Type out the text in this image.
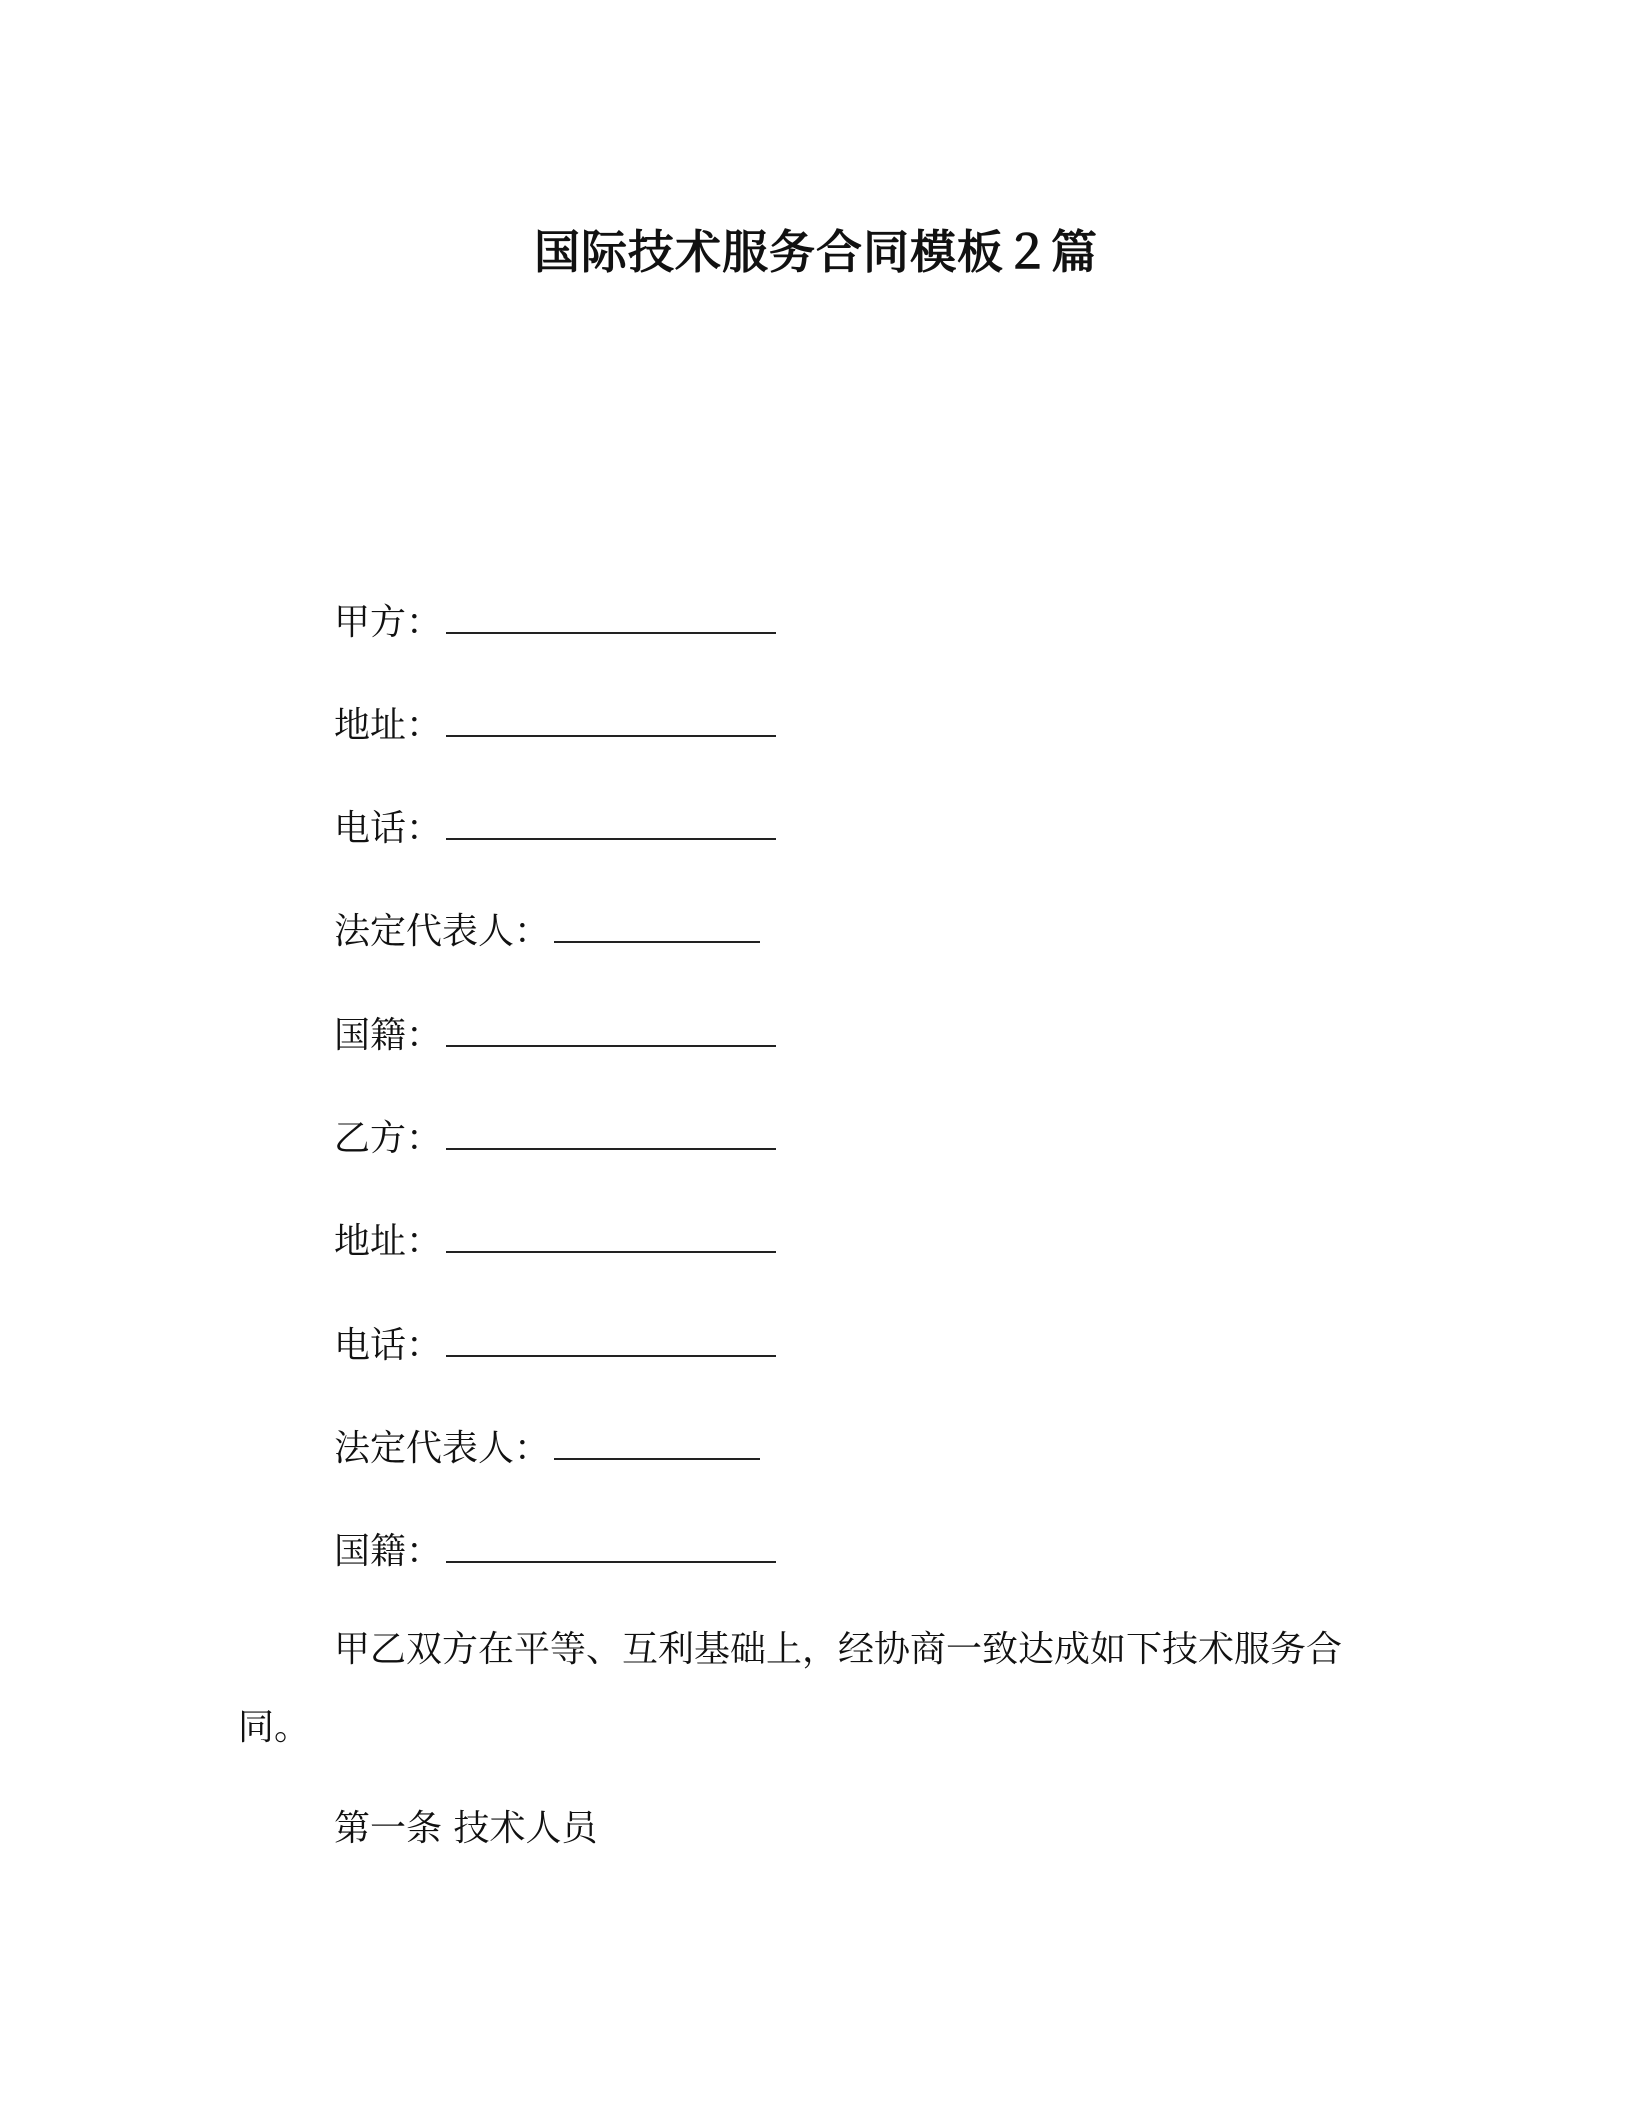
国际技术服务合同模板２篇
甲方：
地址：
电话：
法定代表人：
国籍：
乙方：
地址：
电话：
法定代表人：
国籍：
甲乙双方在平等、互利基础上，经协商一致达成如下技术服务合同。
第一条 技术人员
